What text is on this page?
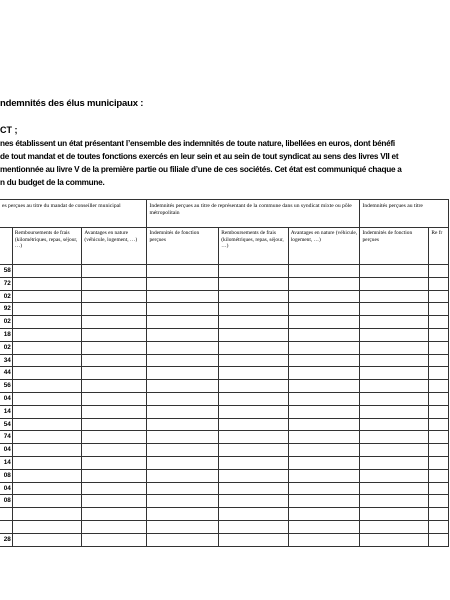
ndemnités des élus municipaux :
CT ;
nes établissent un état présentant l’ensemble des indemnités de toute nature, libellées en euros, dont bénéfi
de tout mandat et de toutes fonctions exercés en leur sein et au sein de tout syndicat au sens des livres VII et
mentionnée au livre V de la première partie ou filiale d’une de ces sociétés. Cet état est communiqué chaque a
n du budget de la commune.
es perçues au titre du mandat de conseiller municipal			Indemnités perçues au titre de représentant de la commune dans un syndicat mixte ou pôle métropolitain			Indemnités perçues au titre	
	Remboursements de frais (kilométriques, repas, séjour, …)	Avantages en nature (véhicule, logement, …)	Indemnités de fonction perçues	Remboursements de frais (kilométriques, repas, séjour, …)	Avantages en nature (véhicule, logement, …)	Indemnités de fonction perçues	Re fr
58							
72							
02							
92							
02							
18							
02							
34							
44							
56							
04							
14							
54							
74							
04							
14							
08							
04							
08							

28							
